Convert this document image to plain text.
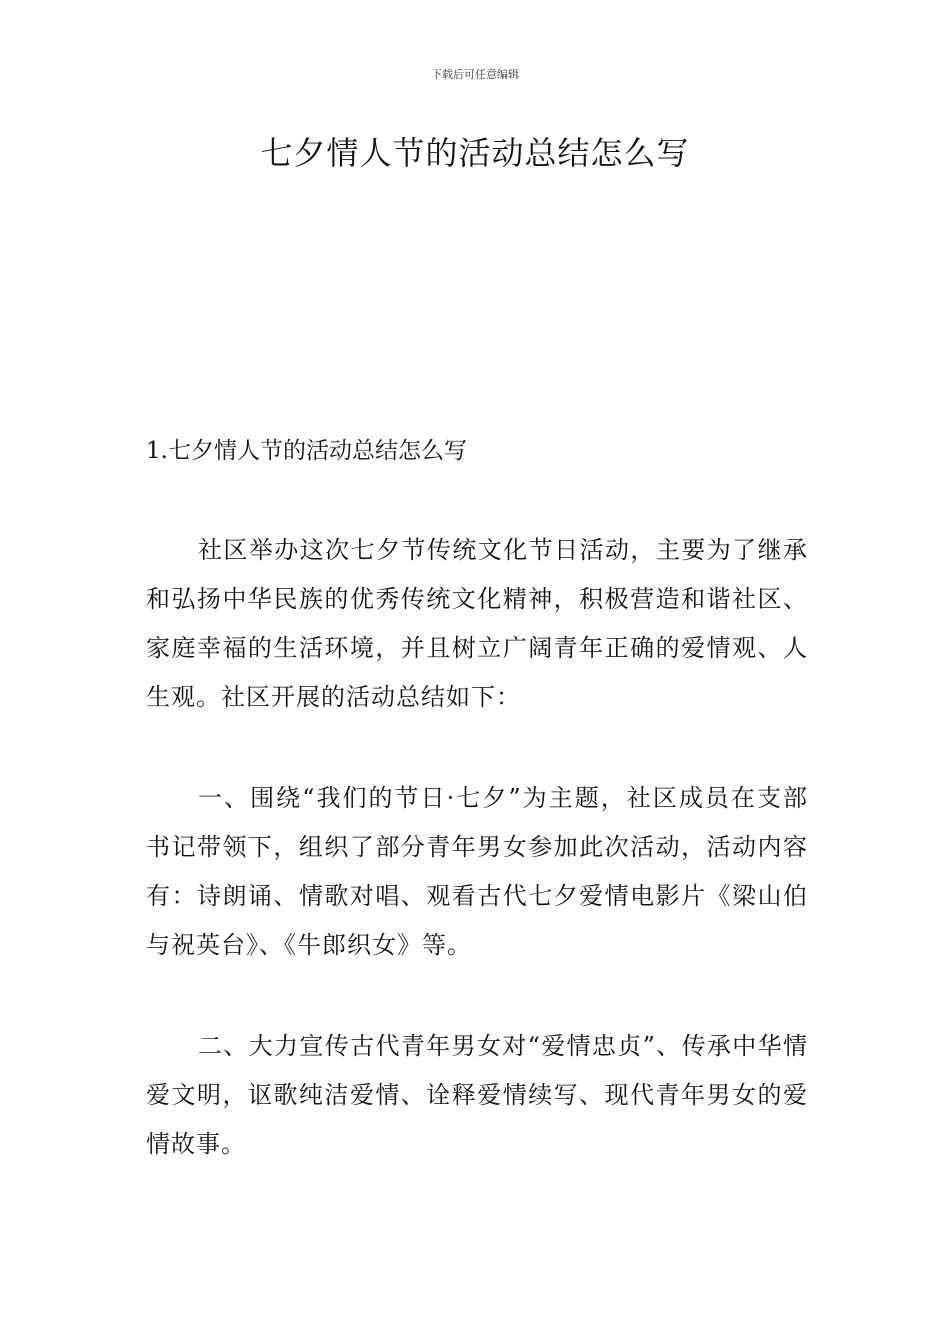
下载后可任意编辑
七夕情人节的活动总结怎么写
1.七夕情人节的活动总结怎么写

社区举办这次七夕节传统文化节日活动，主要为了继承和弘扬中华民族的优秀传统文化精神，积极营造和谐社区、家庭幸福的生活环境，并且树立广阔青年正确的爱情观、人生观。社区开展的活动总结如下：

一、围绕“我们的节日·七夕”为主题，社区成员在支部书记带领下，组织了部分青年男女参加此次活动，活动内容有：诗朗诵、情歌对唱、观看古代七夕爱情电影片《梁山伯与祝英台》、《牛郎织女》等。

二、大力宣传古代青年男女对“爱情忠贞”、传承中华情爱文明，讴歌纯洁爱情、诠释爱情续写、现代青年男女的爱情故事。
